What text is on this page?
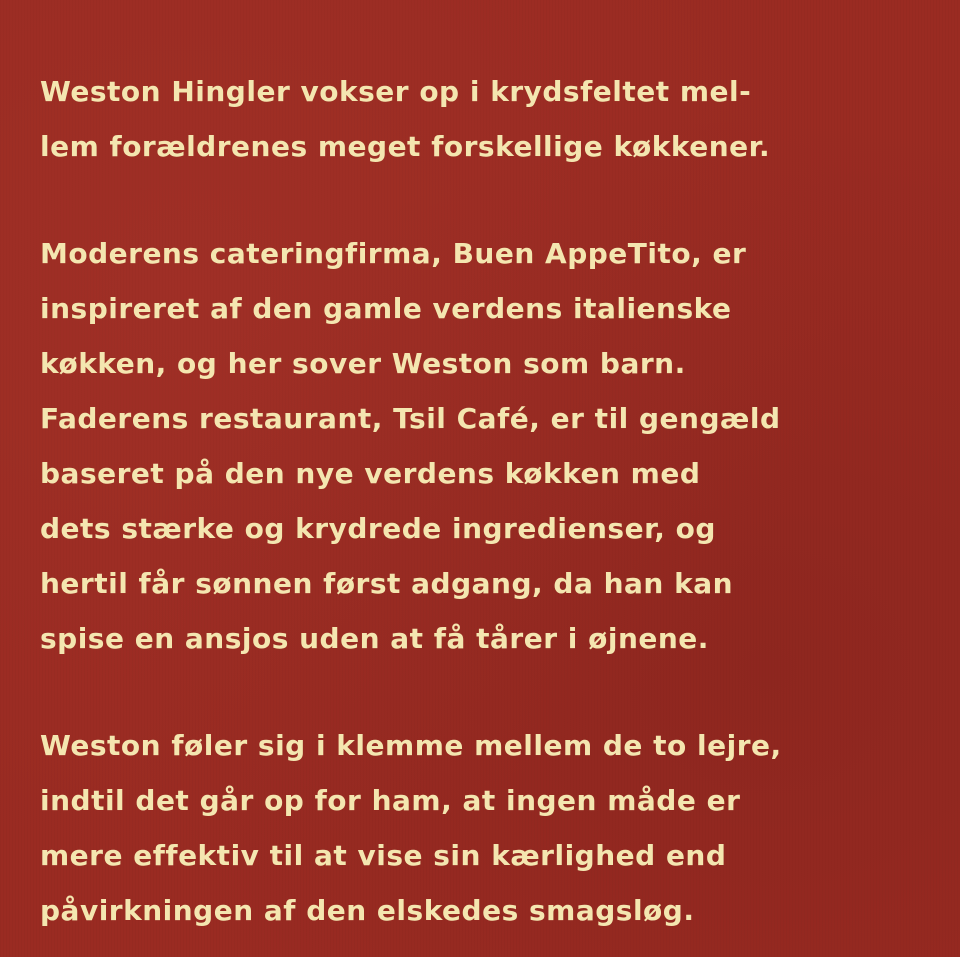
Weston Hingler vokser op i krydsfeltet mel-
lem forældrenes meget forskellige køkkener.

Moderens cateringfirma, Buen AppeTito, er
inspireret af den gamle verdens italienske
køkken, og her sover Weston som barn.
Faderens restaurant, Tsil Café, er til gengæld
baseret på den nye verdens køkken med
dets stærke og krydrede ingredienser, og
hertil får sønnen først adgang, da han kan
spise en ansjos uden at få tårer i øjnene.

Weston føler sig i klemme mellem de to lejre,
indtil det går op for ham, at ingen måde er
mere effektiv til at vise sin kærlighed end
påvirkningen af den elskedes smagsløg.
